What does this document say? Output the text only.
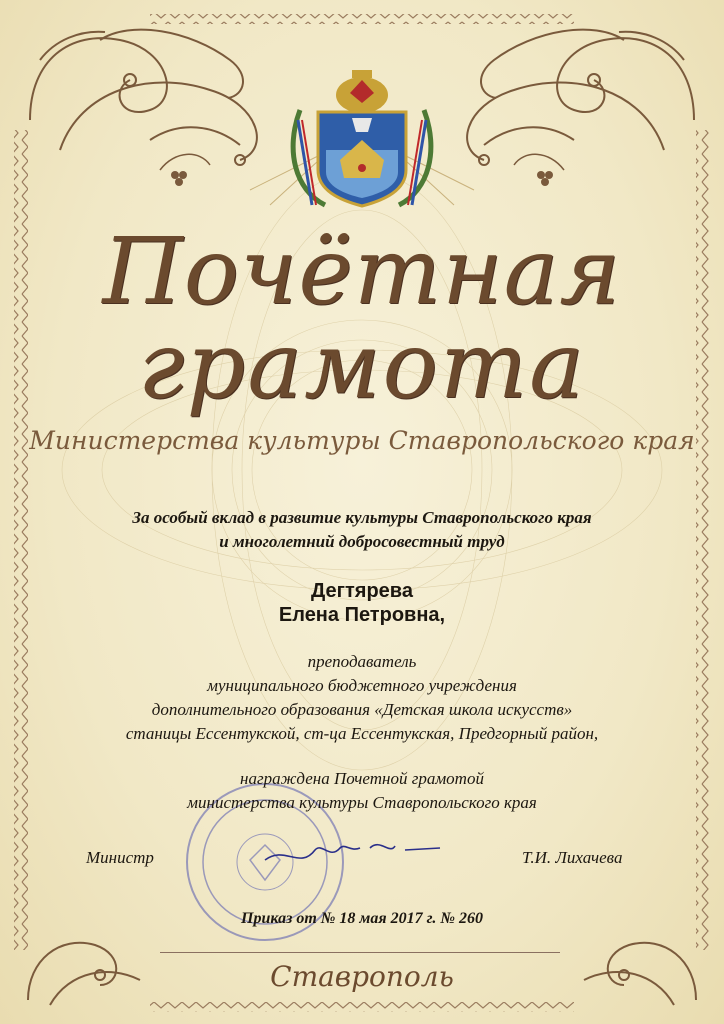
Почётная
грамота
Министерства культуры Ставропольского края
За особый вклад в развитие культуры Ставропольского края
и многолетний добросовестный труд
Дегтярева
Елена Петровна,
преподаватель
муниципального бюджетного учреждения
дополнительного образования «Детская школа искусств»
станицы Ессентукской, ст-ца Ессентукская, Предгорный район,
награждена Почетной грамотой
министерства культуры Ставропольского края
Министр	Т.И. Лихачева
Приказ от № 18 мая 2017 г. № 260
Ставрополь
